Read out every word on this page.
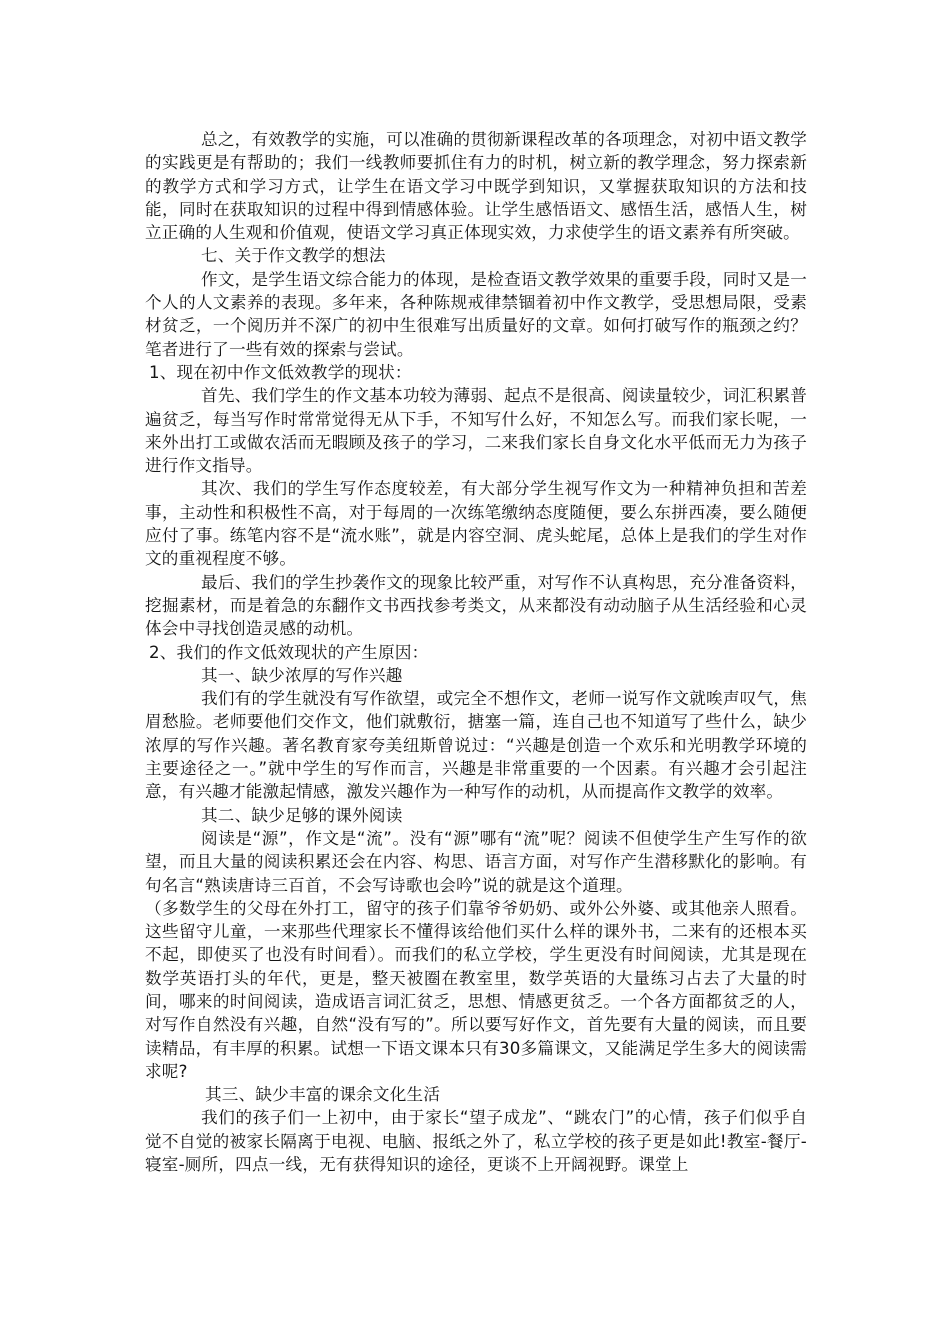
总之，有效教学的实施，可以准确的贯彻新课程改革的各项理念，对初中语文教学的实践更是有帮助的；我们一线教师要抓住有力的时机，树立新的教学理念，努力探索新的教学方式和学习方式，让学生在语文学习中既学到知识，又掌握获取知识的方法和技能，同时在获取知识的过程中得到情感体验。让学生感悟语文、感悟生活，感悟人生，树立正确的人生观和价值观，使语文学习真正体现实效，力求使学生的语文素养有所突破。

七、关于作文教学的想法

作文，是学生语文综合能力的体现，是检查语文教学效果的重要手段，同时又是一个人的人文素养的表现。多年来，各种陈规戒律禁锢着初中作文教学，受思想局限，受素材贫乏，一个阅历并不深广的初中生很难写出质量好的文章。如何打破写作的瓶颈之约？笔者进行了一些有效的探索与尝试。

1、现在初中作文低效教学的现状：

首先、我们学生的作文基本功较为薄弱、起点不是很高、阅读量较少，词汇积累普遍贫乏，每当写作时常常觉得无从下手，不知写什么好，不知怎么写。而我们家长呢，一来外出打工或做农活而无暇顾及孩子的学习，二来我们家长自身文化水平低而无力为孩子进行作文指导。

其次、我们的学生写作态度较差，有大部分学生视写作文为一种精神负担和苦差事，主动性和积极性不高，对于每周的一次练笔缴纳态度随便，要么东拼西凑，要么随便应付了事。练笔内容不是“流水账”，就是内容空洞、虎头蛇尾，总体上是我们的学生对作文的重视程度不够。

最后、我们的学生抄袭作文的现象比较严重，对写作不认真构思，充分准备资料，挖掘素材，而是着急的东翻作文书西找参考类文，从来都没有动动脑子从生活经验和心灵体会中寻找创造灵感的动机。

2、我们的作文低效现状的产生原因：

其一、缺少浓厚的写作兴趣

我们有的学生就没有写作欲望，或完全不想作文，老师一说写作文就唉声叹气，焦眉愁脸。老师要他们交作文，他们就敷衍，搪塞一篇，连自己也不知道写了些什么，缺少浓厚的写作兴趣。著名教育家夸美纽斯曾说过：“兴趣是创造一个欢乐和光明教学环境的主要途径之一。”就中学生的写作而言，兴趣是非常重要的一个因素。有兴趣才会引起注意，有兴趣才能激起情感，激发兴趣作为一种写作的动机，从而提高作文教学的效率。

其二、缺少足够的课外阅读

阅读是“源”，作文是“流”。没有“源”哪有“流”呢？阅读不但使学生产生写作的欲望，而且大量的阅读积累还会在内容、构思、语言方面，对写作产生潜移默化的影响。有句名言“熟读唐诗三百首，不会写诗歌也会吟”说的就是这个道理。

（多数学生的父母在外打工，留守的孩子们靠爷爷奶奶、或外公外婆、或其他亲人照看。这些留守儿童，一来那些代理家长不懂得该给他们买什么样的课外书，二来有的还根本买不起，即使买了也没有时间看）。而我们的私立学校，学生更没有时间阅读，尤其是现在数学英语打头的年代，更是，整天被圈在教室里，数学英语的大量练习占去了大量的时间，哪来的时间阅读，造成语言词汇贫乏，思想、情感更贫乏。一个各方面都贫乏的人，对写作自然没有兴趣，自然“没有写的”。所以要写好作文，首先要有大量的阅读，而且要读精品，有丰厚的积累。试想一下语文课本只有30多篇课文，又能满足学生多大的阅读需求呢?

其三、缺少丰富的课余文化生活

我们的孩子们一上初中，由于家长“望子成龙”、“跳农门”的心情，孩子们似乎自觉不自觉的被家长隔离于电视、电脑、报纸之外了，私立学校的孩子更是如此!教室-餐厅-寝室-厕所，四点一线，无有获得知识的途径，更谈不上开阔视野。课堂上
